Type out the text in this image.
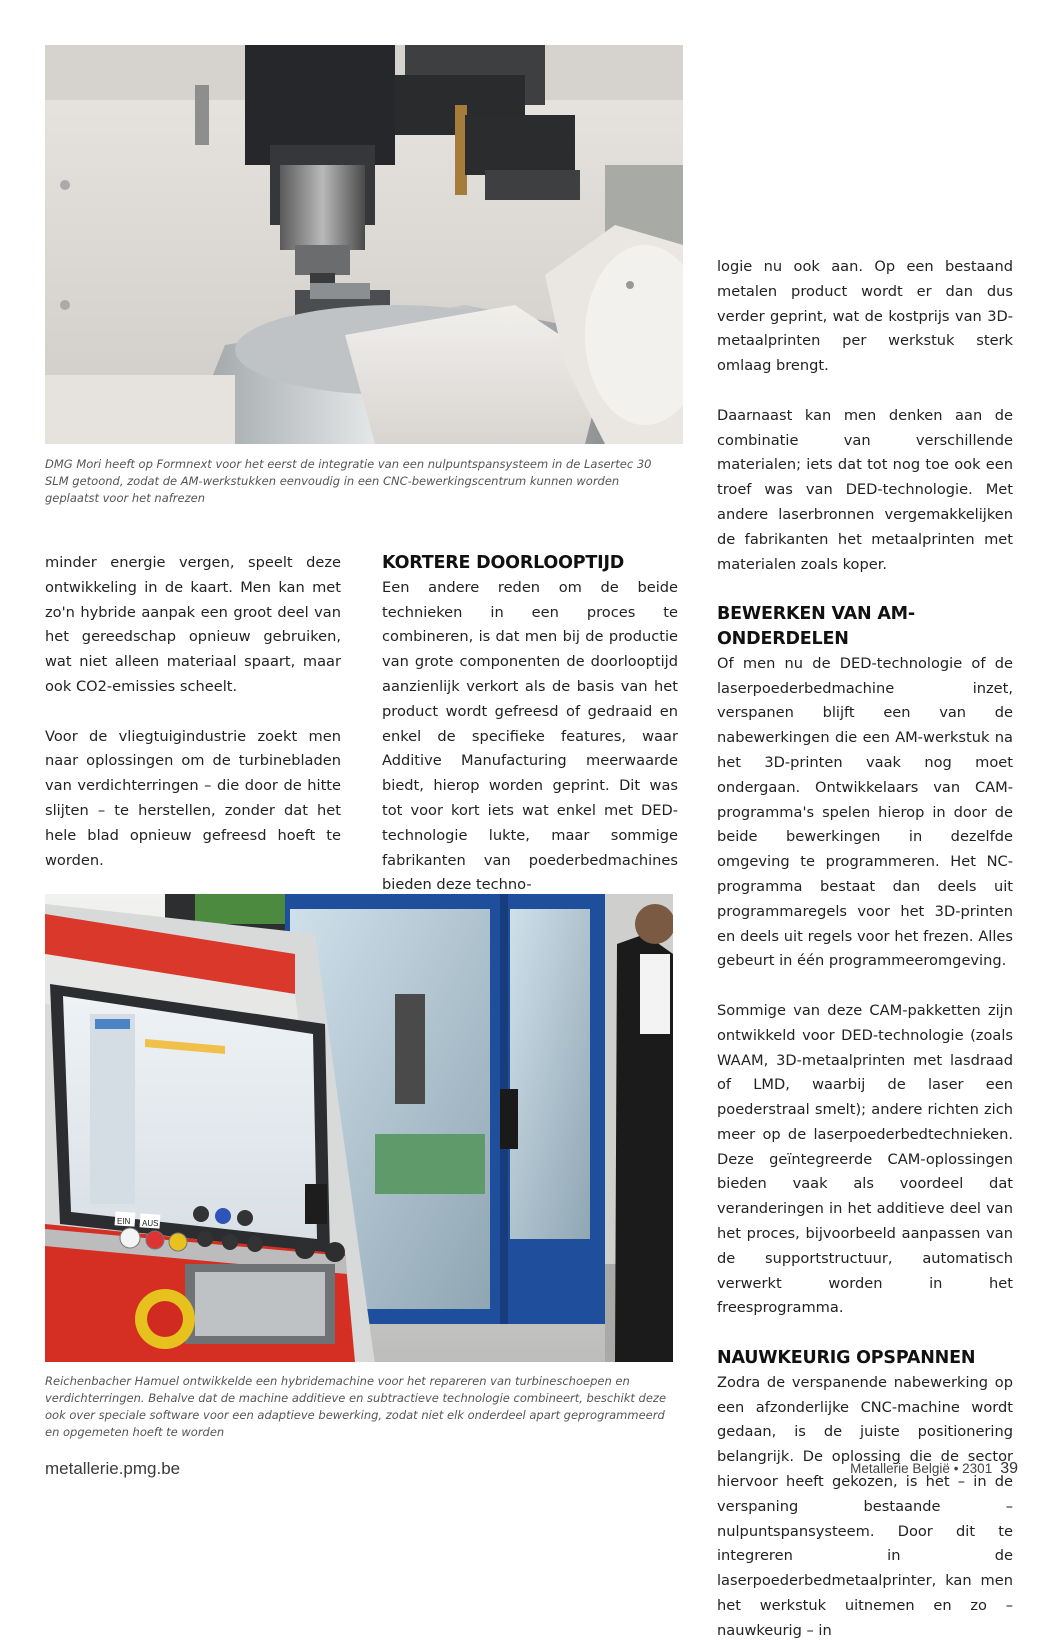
DMG Mori heeft op Formnext voor het eerst de integratie van een nulpuntspansysteem in de Lasertec 30 SLM getoond, zodat de AM-werkstukken eenvoudig in een CNC-bewerkingscentrum kunnen worden geplaatst voor het nafrezen

minder energie vergen, speelt deze ontwikkeling in de kaart. Men kan met zo'n hybride aanpak een groot deel van het gereedschap opnieuw gebruiken, wat niet alleen materiaal spaart, maar ook CO2-emissies scheelt.

Voor de vliegtuigindustrie zoekt men naar oplossingen om de turbinebladen van verdichterringen – die door de hitte slijten – te herstellen, zonder dat het hele blad opnieuw gefreesd hoeft te worden.

KORTERE DOORLOOPTIJD

Een andere reden om de beide technieken in een proces te combineren, is dat men bij de productie van grote componenten de doorlooptijd aanzienlijk verkort als de basis van het product wordt gefreesd of gedraaid en enkel de specifieke features, waar Additive Manufacturing meerwaarde biedt, hierop worden geprint. Dit was tot voor kort iets wat enkel met DED-technologie lukte, maar sommige fabrikanten van poederbedmachines bieden deze techno-

EIN AUS

Reichenbacher Hamuel ontwikkelde een hybridemachine voor het repareren van turbineschoepen en verdichterringen. Behalve dat de machine additieve en subtractieve technologie combineert, beschikt deze ook over speciale software voor een adaptieve bewerking, zodat niet elk onderdeel apart geprogrammeerd en opgemeten hoeft te worden

logie nu ook aan. Op een bestaand metalen product wordt er dan dus verder geprint, wat de kostprijs van 3D-metaalprinten per werkstuk sterk omlaag brengt.

Daarnaast kan men denken aan de combinatie van verschillende materialen; iets dat tot nog toe ook een troef was van DED-technologie. Met andere laserbronnen vergemakkelijken de fabrikanten het metaalprinten met materialen zoals koper.

BEWERKEN VAN AM-ONDERDELEN

Of men nu de DED-technologie of de laserpoederbedmachine inzet, verspanen blijft een van de nabewerkingen die een AM-werkstuk na het 3D-printen vaak nog moet ondergaan. Ontwikkelaars van CAM-programma's spelen hierop in door de beide bewerkingen in dezelfde omgeving te programmeren. Het NC-programma bestaat dan deels uit programmaregels voor het 3D-printen en deels uit regels voor het frezen. Alles gebeurt in één programmeeromgeving.

Sommige van deze CAM-pakketten zijn ontwikkeld voor DED-technologie (zoals WAAM, 3D-metaalprinten met lasdraad of LMD, waarbij de laser een poederstraal smelt); andere richten zich meer op de laserpoederbedtechnieken. Deze geïntegreerde CAM-oplossingen bieden vaak als voordeel dat veranderingen in het additieve deel van het proces, bijvoorbeeld aanpassen van de supportstructuur, automatisch verwerkt worden in het freesprogramma.

NAUWKEURIG OPSPANNEN

Zodra de verspanende nabewerking op een afzonderlijke CNC-machine wordt gedaan, is de juiste positionering belangrijk. De oplossing die de sector hiervoor heeft gekozen, is het – in de verspaning bestaande – nulpuntspansysteem. Door dit te integreren in de laserpoederbedmetaalprinter, kan men het werkstuk uitnemen en zo – nauwkeurig – in

metallerie.pmg.be	Metallerie België • 2301 39
